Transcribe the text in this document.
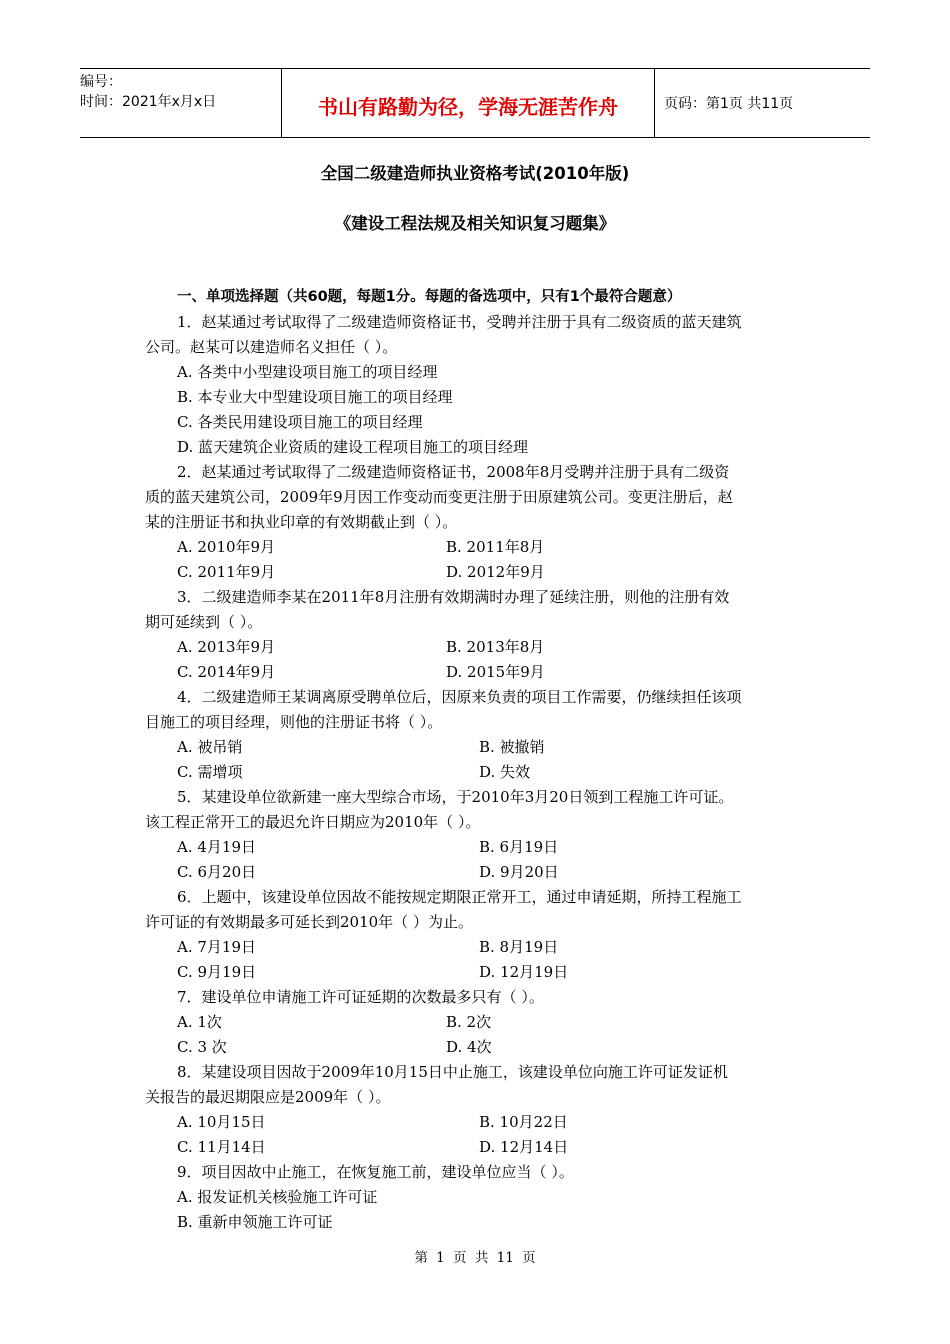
编号：
时间：2021年x月x日	书山有路勤为径，学海无涯苦作舟	页码：第1页 共11页
全国二级建造师执业资格考试(2010年版)
《建设工程法规及相关知识复习题集》
一、单项选择题（共60题，每题1分。每题的备选项中，只有1个最符合题意）
1．赵某通过考试取得了二级建造师资格证书，受聘并注册于具有二级资质的蓝天建筑
公司。赵某可以建造师名义担任（ ）。
A. 各类中小型建设项目施工的项目经理
B. 本专业大中型建设项目施工的项目经理
C. 各类民用建设项目施工的项目经理
D. 蓝天建筑企业资质的建设工程项目施工的项目经理
2．赵某通过考试取得了二级建造师资格证书，2008年8月受聘并注册于具有二级资
质的蓝天建筑公司，2009年9月因工作变动而变更注册于田原建筑公司。变更注册后，赵
某的注册证书和执业印章的有效期截止到（ ）。
A. 2010年9月	B. 2011年8月
C. 2011年9月	D. 2012年9月
3．二级建造师李某在2011年8月注册有效期满时办理了延续注册，则他的注册有效
期可延续到（ ）。
A. 2013年9月	B. 2013年8月
C. 2014年9月	D. 2015年9月
4．二级建造师王某调离原受聘单位后，因原来负责的项目工作需要，仍继续担任该项
目施工的项目经理，则他的注册证书将（ ）。
A. 被吊销	B. 被撤销
C. 需增项	D. 失效
5．某建设单位欲新建一座大型综合市场，于2010年3月20日领到工程施工许可证。
该工程正常开工的最迟允许日期应为2010年（ ）。
A. 4月19日	B. 6月19日
C. 6月20日	D. 9月20日
6．上题中，该建设单位因故不能按规定期限正常开工，通过申请延期，所持工程施工
许可证的有效期最多可延长到2010年（ ）为止。
A. 7月19日	B. 8月19日
C. 9月19日	D. 12月19日
7．建设单位申请施工许可证延期的次数最多只有（ ）。
A. 1次	B. 2次
C. 3 次	D. 4次
8．某建设项目因故于2009年10月15日中止施工，该建设单位向施工许可证发证机
关报告的最迟期限应是2009年（ ）。
A. 10月15日	B. 10月22日
C. 11月14日	D. 12月14日
9．项目因故中止施工，在恢复施工前，建设单位应当（ ）。
A. 报发证机关核验施工许可证
B. 重新申领施工许可证
第 1 页 共 11 页
